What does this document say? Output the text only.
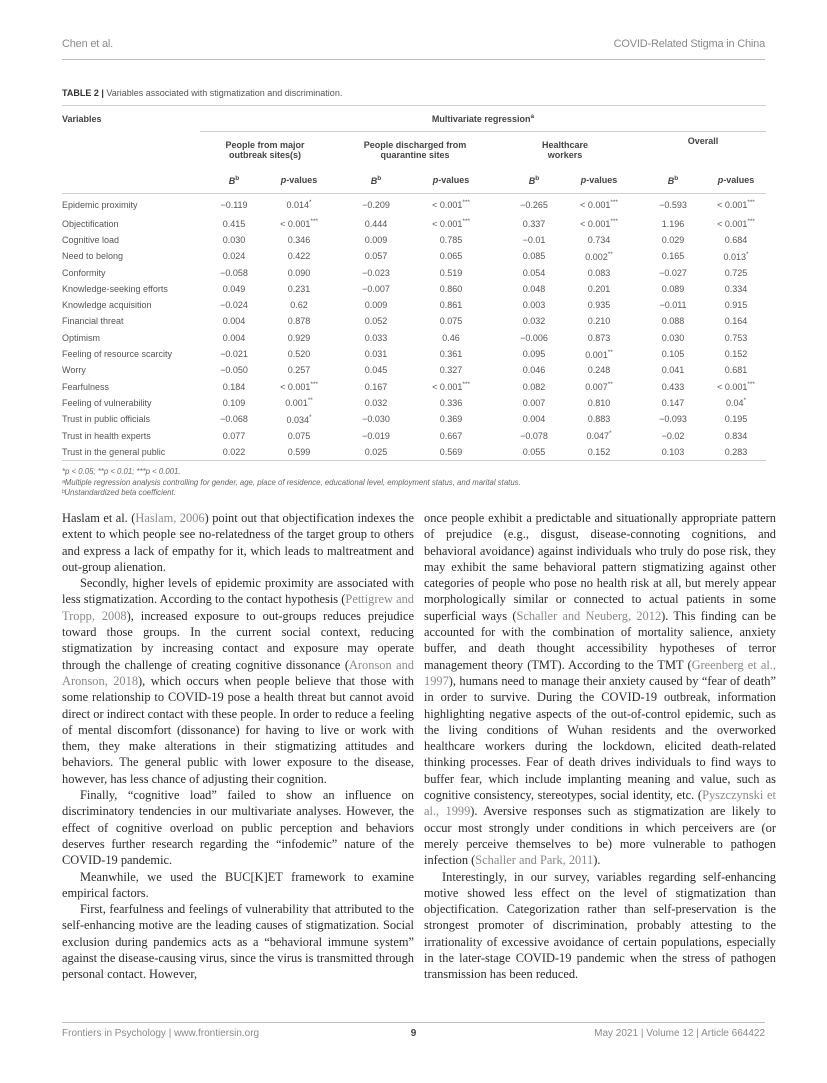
Chen et al.	COVID-Related Stigma in China
TABLE 2 | Variables associated with stigmatization and discrimination.
Variables	Multivariate regression$^a$
	People from major
outbreak sites(s)			People discharged from
quarantine sites			Healthcare
workers			Overall	
	$B^b$	p-values		$B^b$	p-values		$B^b$	p-values		$B^b$	p-values
Epidemic proximity	−0.119	0.014*		−0.209	< 0.001***		−0.265	< 0.001***		−0.593	< 0.001***
Objectification	0.415	< 0.001***		0.444	< 0.001***		0.337	< 0.001***		1.196	< 0.001***
Cognitive load	0.030	0.346		0.009	0.785		−0.01	0.734		0.029	0.684
Need to belong	0.024	0.422		0.057	0.065		0.085	0.002**		0.165	0.013*
Conformity	−0.058	0.090		−0.023	0.519		0.054	0.083		−0.027	0.725
Knowledge-seeking efforts	0.049	0.231		−0.007	0.860		0.048	0.201		0.089	0.334
Knowledge acquisition	−0.024	0.62		0.009	0.861		0.003	0.935		−0.011	0.915
Financial threat	0.004	0.878		0.052	0.075		0.032	0.210		0.088	0.164
Optimism	0.004	0.929		0.033	0.46		−0.006	0.873		0.030	0.753
Feeling of resource scarcity	−0.021	0.520		0.031	0.361		0.095	0.001**		0.105	0.152
Worry	−0.050	0.257		0.045	0.327		0.046	0.248		0.041	0.681
Fearfulness	0.184	< 0.001***		0.167	< 0.001***		0.082	0.007**		0.433	< 0.001***
Feeling of vulnerability	0.109	0.001**		0.032	0.336		0.007	0.810		0.147	0.04*
Trust in public officials	−0.068	0.034*		−0.030	0.369		0.004	0.883		−0.093	0.195
Trust in health experts	0.077	0.075		−0.019	0.667		−0.078	0.047*		−0.02	0.834
Trust in the general public	0.022	0.599		0.025	0.569		0.055	0.152		0.103	0.283

*p < 0.05; **p < 0.01; ***p < 0.001.
ᵃMultiple regression analysis controlling for gender, age, place of residence, educational level, employment status, and marital status.
ᵇUnstandardized beta coefficient.

Haslam et al. (Haslam, 2006) point out that objectification indexes the extent to which people see no-relatedness of the target group to others and express a lack of empathy for it, which leads to maltreatment and out-group alienation.

Secondly, higher levels of epidemic proximity are associated with less stigmatization. According to the contact hypothesis (Pettigrew and Tropp, 2008), increased exposure to out-groups reduces prejudice toward those groups. In the current social context, reducing stigmatization by increasing contact and exposure may operate through the challenge of creating cognitive dissonance (Aronson and Aronson, 2018), which occurs when people believe that those with some relationship to COVID-19 pose a health threat but cannot avoid direct or indirect contact with these people. In order to reduce a feeling of mental discomfort (dissonance) for having to live or work with them, they make alterations in their stigmatizing attitudes and behaviors. The general public with lower exposure to the disease, however, has less chance of adjusting their cognition.

Finally, “cognitive load” failed to show an influence on discriminatory tendencies in our multivariate analyses. However, the effect of cognitive overload on public perception and behaviors deserves further research regarding the “infodemic” nature of the COVID-19 pandemic.

Meanwhile, we used the BUC[K]ET framework to examine empirical factors.

First, fearfulness and feelings of vulnerability that attributed to the self-enhancing motive are the leading causes of stigmatization. Social exclusion during pandemics acts as a “behavioral immune system” against the disease-causing virus, since the virus is transmitted through personal contact. However,

once people exhibit a predictable and situationally appropriate pattern of prejudice (e.g., disgust, disease-connoting cognitions, and behavioral avoidance) against individuals who truly do pose risk, they may exhibit the same behavioral pattern stigmatizing against other categories of people who pose no health risk at all, but merely appear morphologically similar or connected to actual patients in some superficial ways (Schaller and Neuberg, 2012). This finding can be accounted for with the combination of mortality salience, anxiety buffer, and death thought accessibility hypotheses of terror management theory (TMT). According to the TMT (Greenberg et al., 1997), humans need to manage their anxiety caused by “fear of death” in order to survive. During the COVID-19 outbreak, information highlighting negative aspects of the out-of-control epidemic, such as the living conditions of Wuhan residents and the overworked healthcare workers during the lockdown, elicited death-related thinking processes. Fear of death drives individuals to find ways to buffer fear, which include implanting meaning and value, such as cognitive consistency, stereotypes, social identity, etc. (Pyszczynski et al., 1999). Aversive responses such as stigmatization are likely to occur most strongly under conditions in which perceivers are (or merely perceive themselves to be) more vulnerable to pathogen infection (Schaller and Park, 2011).

Interestingly, in our survey, variables regarding self-enhancing motive showed less effect on the level of stigmatization than objectification. Categorization rather than self-preservation is the strongest promoter of discrimination, probably attesting to the irrationality of excessive avoidance of certain populations, especially in the later-stage COVID-19 pandemic when the stress of pathogen transmission has been reduced.

Frontiers in Psychology | www.frontiersin.org	9	May 2021 | Volume 12 | Article 664422
